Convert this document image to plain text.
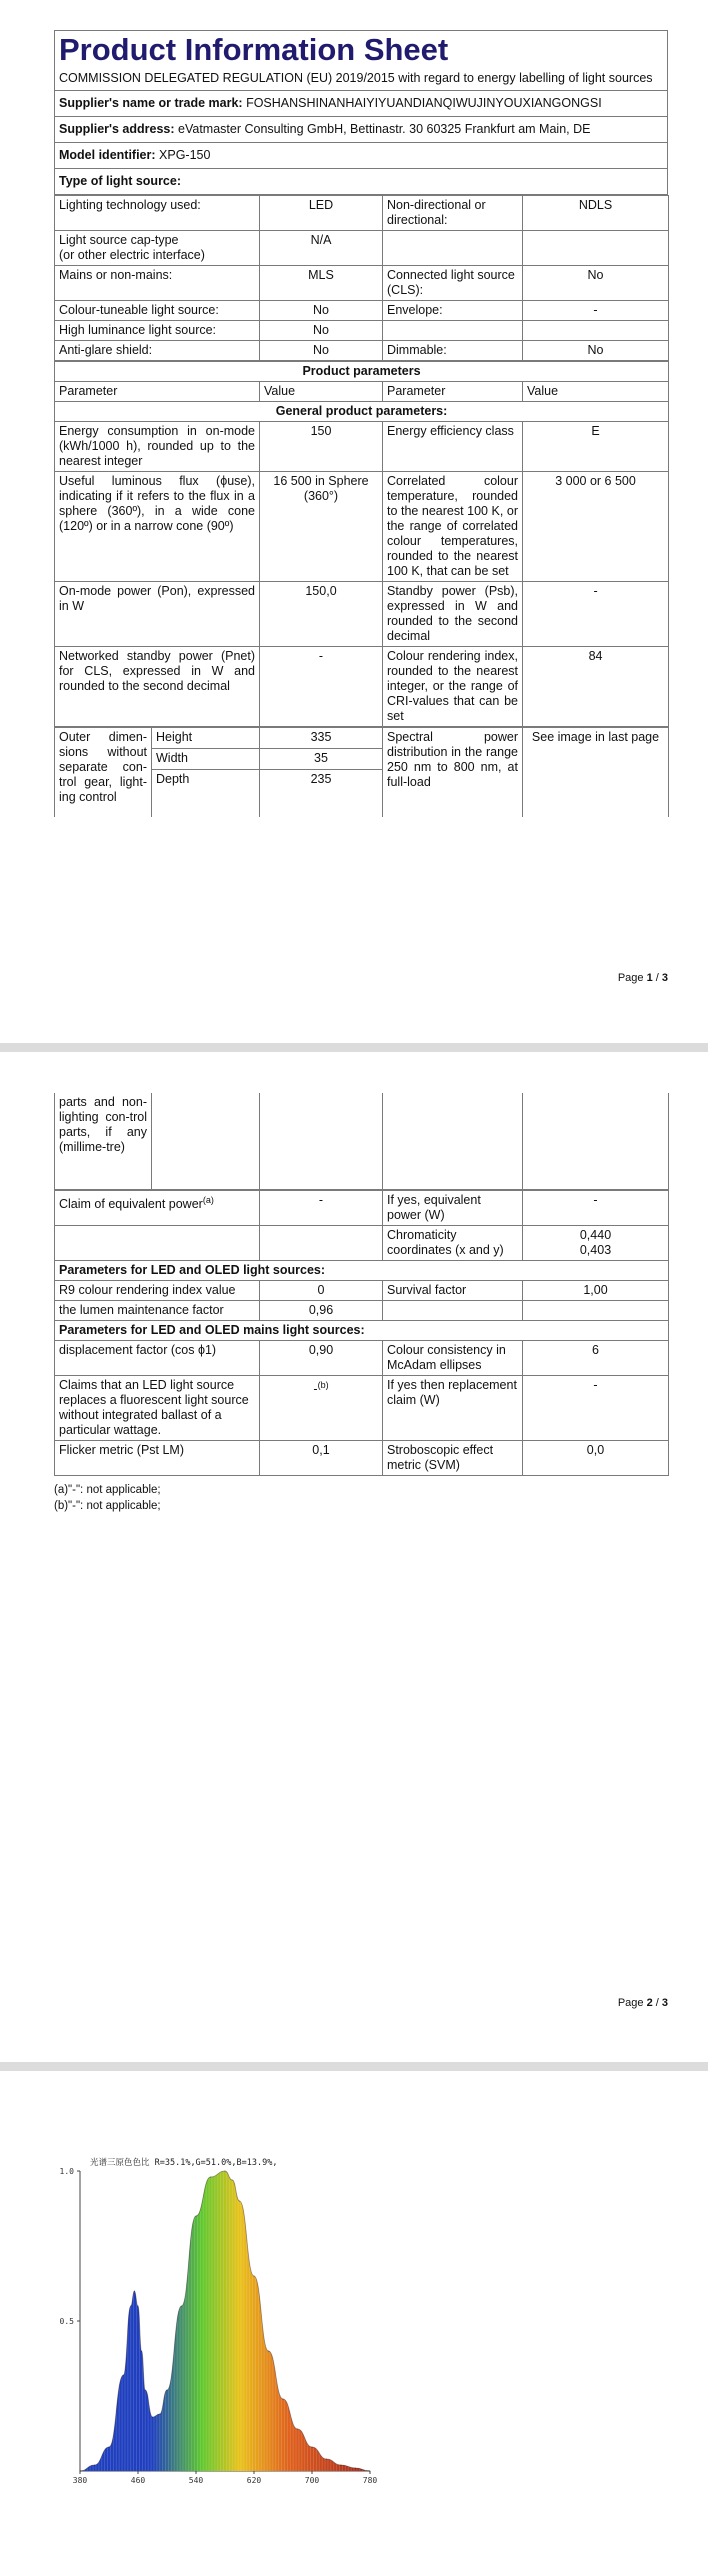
Product Information Sheet
COMMISSION DELEGATED REGULATION (EU) 2019/2015 with regard to energy labelling of light sources

Supplier's name or trade mark: FOSHANSHINANHAIYIYUANDIANQIWUJINYOUXIANGONGSI
Supplier's address: eVatmaster Consulting GmbH, Bettinastr. 30 60325 Frankfurt am Main, DE
Model identifier: XPG-150
Type of light source:
Lighting technology used:	LED	Non-directional or directional:	NDLS
Light source cap-type
(or other electric interface)	N/A		
Mains or non-mains:	MLS	Connected light source (CLS):	No
Colour-tuneable light source:	No	Envelope:	-
High luminance light source:	No		
Anti-glare shield:	No	Dimmable:	No
Product parameters			
Parameter	Value	Parameter	Value
General product parameters:			
Energy consumption in on-mode (kWh/1000 h), rounded up to the nearest integer	150	Energy efficiency class	E
Useful luminous flux (ϕuse), indicating if it refers to the flux in a sphere (360º), in a wide cone (120º) or in a narrow cone (90º)	16 500 in Sphere (360°)	Correlated colour temperature, rounded to the nearest 100 K, or the range of correlated colour temperatures, rounded to the nearest 100 K, that can be set	3 000 or 6 500
On-mode power (Pon), expressed in W	150,0	Standby power (Psb), expressed in W and rounded to the second decimal	-
Networked standby power (Pnet) for CLS, expressed in W and rounded to the second decimal	-	Colour rendering index, rounded to the nearest integer, or the range of CRI-values that can be set	84
Outer dimen-sions without separate con-trol gear, light-ing control	Height	335	Spectral power distribution in the range 250 nm to 800 nm, at full-load	See image in last page
	Width	35		
	Depth	235		
Page 1 / 3
parts and non-lighting con-trol parts, if any (millime-tre)				
Claim of equivalent power$^{(a)}$	-	If yes, equivalent power (W)	-
		Chromaticity coordinates (x and y)	0,440
0,403
Parameters for LED and OLED light sources:			
R9 colour rendering index value	0	Survival factor	1,00
the lumen maintenance factor	0,96		
Parameters for LED and OLED mains light sources:			
displacement factor (cos ϕ1)	0,90	Colour consistency in McAdam ellipses	6
Claims that an LED light source replaces a fluorescent light source without integrated ballast of a particular wattage.	-$^{(b)}$	If yes then replacement claim (W)	-
Flicker metric (Pst LM)	0,1	Stroboscopic effect metric (SVM)	0,0
(a)"-": not applicable;
(b)"-": not applicable;
Page 2 / 3
光谱三原色色比 R=35.1%,G=51.0%,B=13.9%,
0.5
1.0
380	460	540	620	700	780
